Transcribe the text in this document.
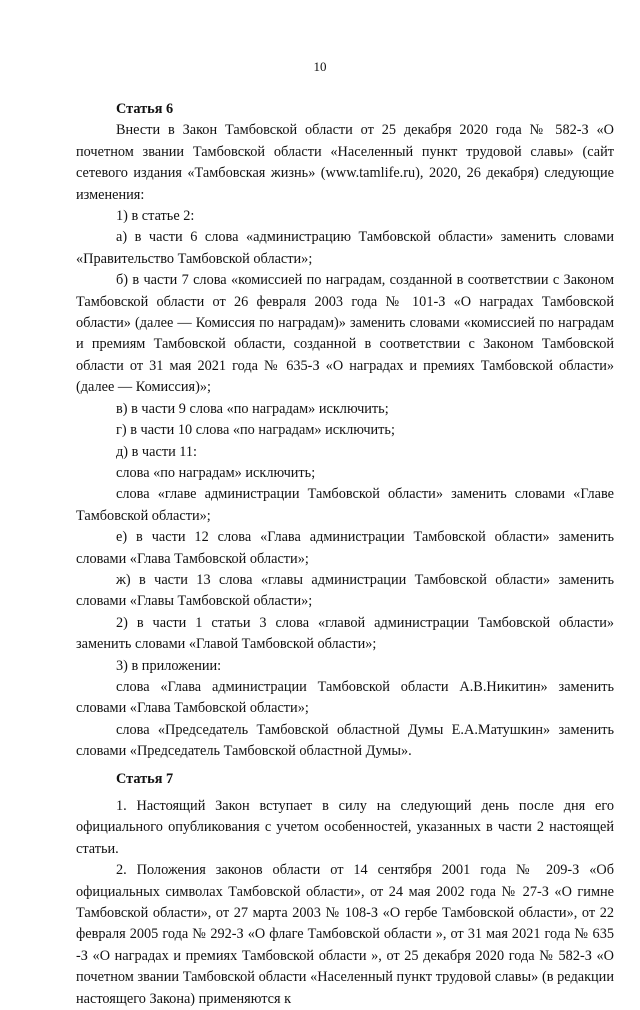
10

Статья 6

Внести в Закон Тамбовской области от 25 декабря 2020 года № 582-З «О почетном звании Тамбовской области «Населенный пункт трудовой славы» (сайт сетевого издания «Тамбовская жизнь» (www.tamlife.ru), 2020, 26 декабря) следующие изменения:

1) в статье 2:

а) в части 6 слова «администрацию Тамбовской области» заменить словами «Правительство Тамбовской области»;

б) в части 7 слова «комиссией по наградам, созданной в соответствии с Законом Тамбовской области от 26 февраля 2003 года № 101-З «О наградах Тамбовской области» (далее — Комиссия по наградам)» заменить словами «комиссией по наградам и премиям Тамбовской области, созданной в соответствии с Законом Тамбовской области от 31 мая 2021 года № 635-З «О наградах и премиях Тамбовской области» (далее — Комиссия)»;

в) в части 9 слова «по наградам» исключить;

г) в части 10 слова «по наградам» исключить;

д) в части 11:

слова «по наградам» исключить;

слова «главе администрации Тамбовской области» заменить словами «Главе Тамбовской области»;

е) в части 12 слова «Глава администрации Тамбовской области» заменить словами «Глава Тамбовской области»;

ж) в части 13 слова «главы администрации Тамбовской области» заменить словами «Главы Тамбовской области»;

2) в части 1 статьи 3 слова «главой администрации Тамбовской области» заменить словами «Главой Тамбовской области»;

3) в приложении:

слова «Глава администрации Тамбовской области А.В.Никитин» заменить словами «Глава Тамбовской области»;

слова «Председатель Тамбовской областной Думы Е.А.Матушкин» заменить словами «Председатель Тамбовской областной Думы».

Статья 7

1. Настоящий Закон вступает в силу на следующий день после дня его официального опубликования с учетом особенностей, указанных в части 2 настоящей статьи.

2. Положения законов области от 14 сентября 2001 года № 209-З «Об официальных символах Тамбовской области», от 24 мая 2002 года № 27-З «О гимне Тамбовской области», от 27 марта 2003 № 108-З «О гербе Тамбовской области», от 22 февраля 2005 года № 292-З «О флаге Тамбовской области », от 31 мая 2021 года № 635 -З «О наградах и премиях Тамбовской области », от 25 декабря 2020 года № 582-З «О почетном звании Тамбовской области «Населенный пункт трудовой славы» (в редакции настоящего Закона) применяются к
